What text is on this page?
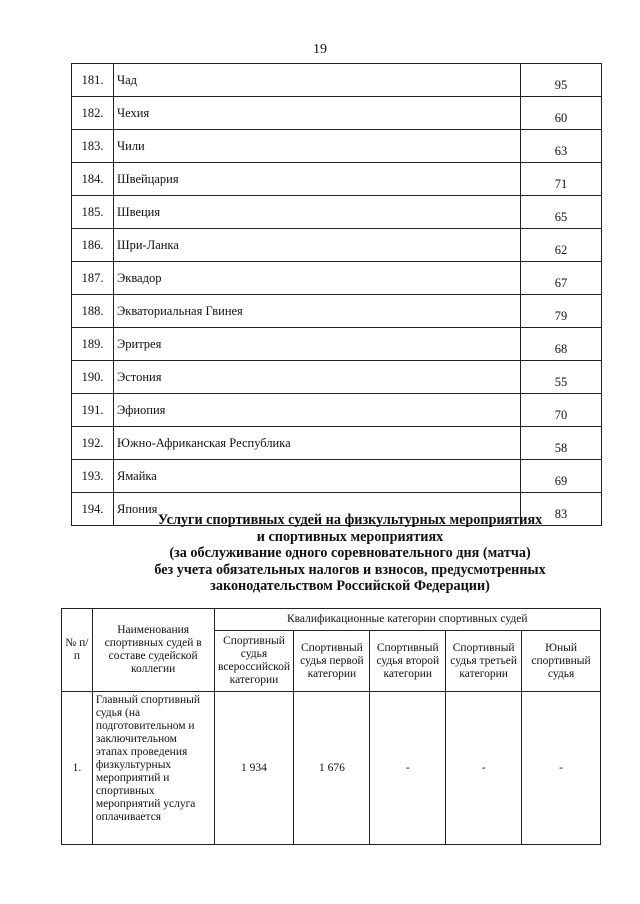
19
181.	Чад	95
182.	Чехия	60
183.	Чили	63
184.	Швейцария	71
185.	Швеция	65
186.	Шри-Ланка	62
187.	Эквадор	67
188.	Экваториальная Гвинея	79
189.	Эритрея	68
190.	Эстония	55
191.	Эфиопия	70
192.	Южно-Африканская Республика	58
193.	Ямайка	69
194.	Япония	83
Услуги спортивных судей на физкультурных мероприятиях
и спортивных мероприятиях
(за обслуживание одного соревновательного дня (матча)
без учета обязательных налогов и взносов, предусмотренных
законодательством Российской Федерации)
№ п/п	Наименования спортивных судей в составе судейской коллегии	Квалификационные категории спортивных судей				
		Спортивный судья всероссийской категории	Спортивный судья первой категории	Спортивный судья второй категории	Спортивный судья третьей категории	Юный спортивный судья
1.	Главный спортивный судья (на подготовительном и заключительном этапах проведения физкультурных мероприятий и спортивных мероприятий услуга оплачивается	1 934	1 676	-	-	-
